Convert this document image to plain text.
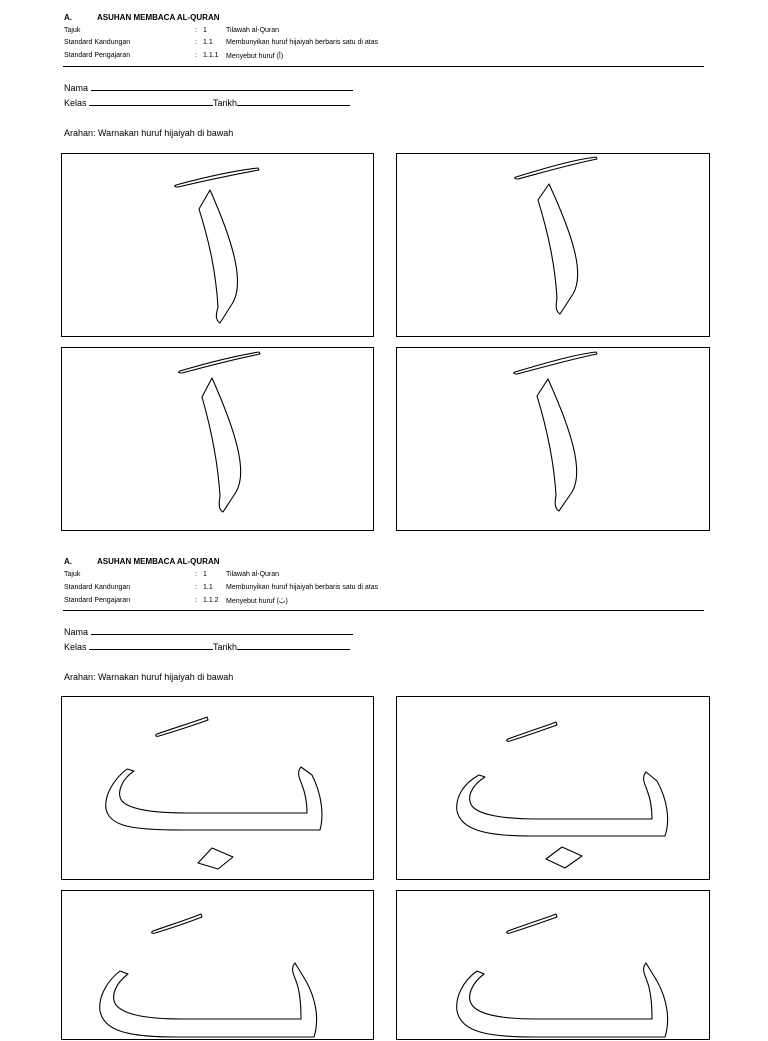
A.	ASUHAN MEMBACA AL-QURAN
Tajuk	: 1	Tilawah al-Quran
Standard Kandungan	: 1.1 Membunyikan huruf hijaiyah berbaris satu di atas
Standard Pengajaran	: 1.1.1 Menyebut huruf (أ)
Nama
Kelas	Tarikh
Arahan: Warnakan huruf hijaiyah di bawah
A.	ASUHAN MEMBACA AL-QURAN
Tajuk	: 1	Tilawah al-Quran
Standard Kandungan	: 1.1 Membunyikan huruf hijaiyah berbaris satu di atas
Standard Pengajaran	: 1.1.2 Menyebut huruf (بَ)
Nama
Kelas	Tarikh
Arahan: Warnakan huruf hijaiyah di bawah
